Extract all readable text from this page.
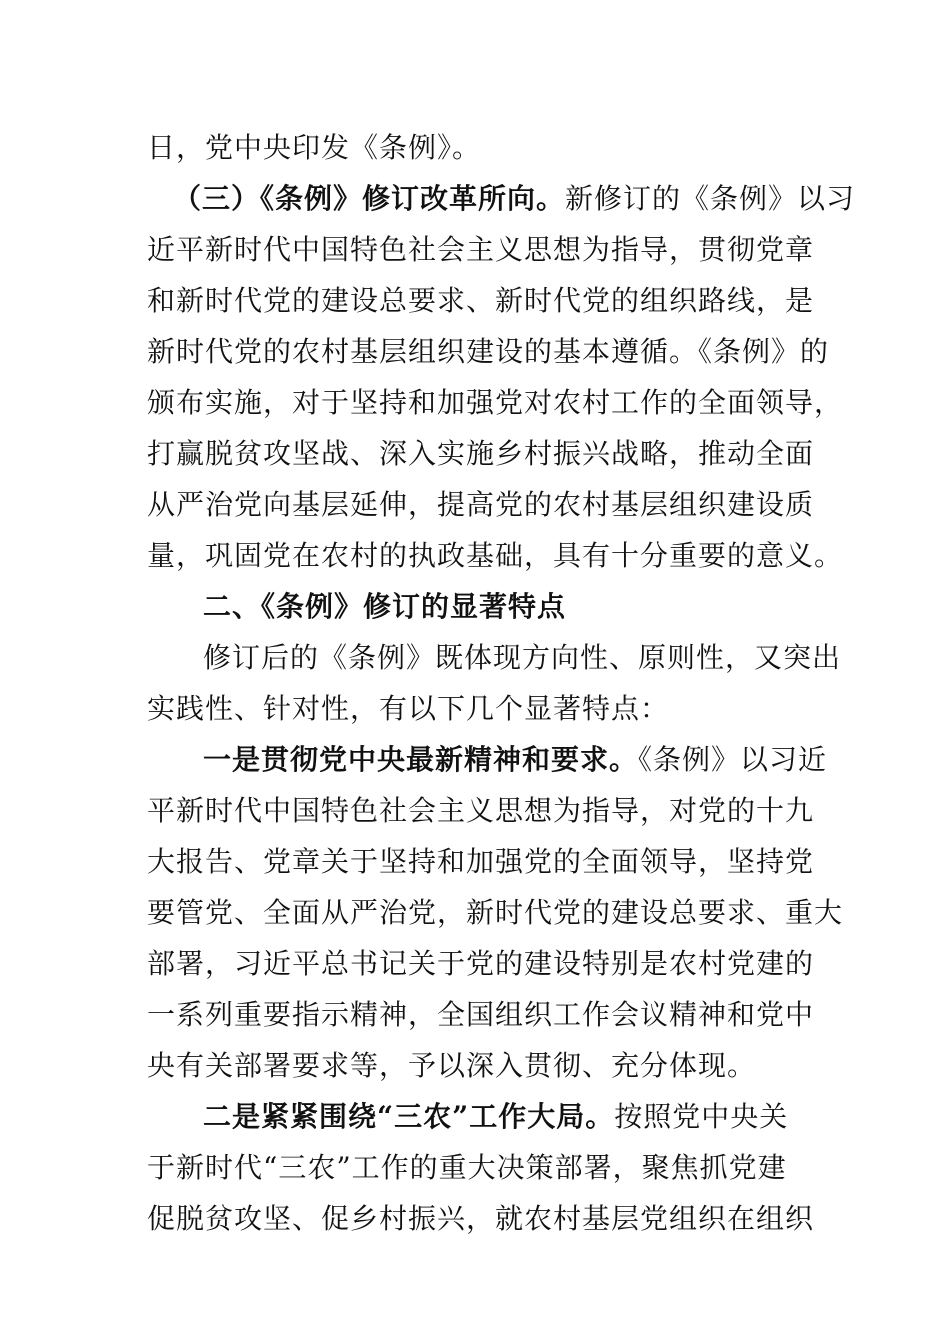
日，党中央印发《条例》。
（三）《条例》修订改革所向。新修订的《条例》以习
近平新时代中国特色社会主义思想为指导，贯彻党章
和新时代党的建设总要求、新时代党的组织路线，是
新时代党的农村基层组织建设的基本遵循。《条例》的
颁布实施，对于坚持和加强党对农村工作的全面领导，
打赢脱贫攻坚战、深入实施乡村振兴战略，推动全面
从严治党向基层延伸，提高党的农村基层组织建设质
量，巩固党在农村的执政基础，具有十分重要的意义。
二、《条例》修订的显著特点
修订后的《条例》既体现方向性、原则性，又突出
实践性、针对性，有以下几个显著特点：
一是贯彻党中央最新精神和要求。《条例》以习近
平新时代中国特色社会主义思想为指导，对党的十九
大报告、党章关于坚持和加强党的全面领导，坚持党
要管党、全面从严治党，新时代党的建设总要求、重大
部署，习近平总书记关于党的建设特别是农村党建的
一系列重要指示精神，全国组织工作会议精神和党中
央有关部署要求等，予以深入贯彻、充分体现。
二是紧紧围绕“三农”工作大局。按照党中央关
于新时代“三农”工作的重大决策部署，聚焦抓党建
促脱贫攻坚、促乡村振兴，就农村基层党组织在组织
